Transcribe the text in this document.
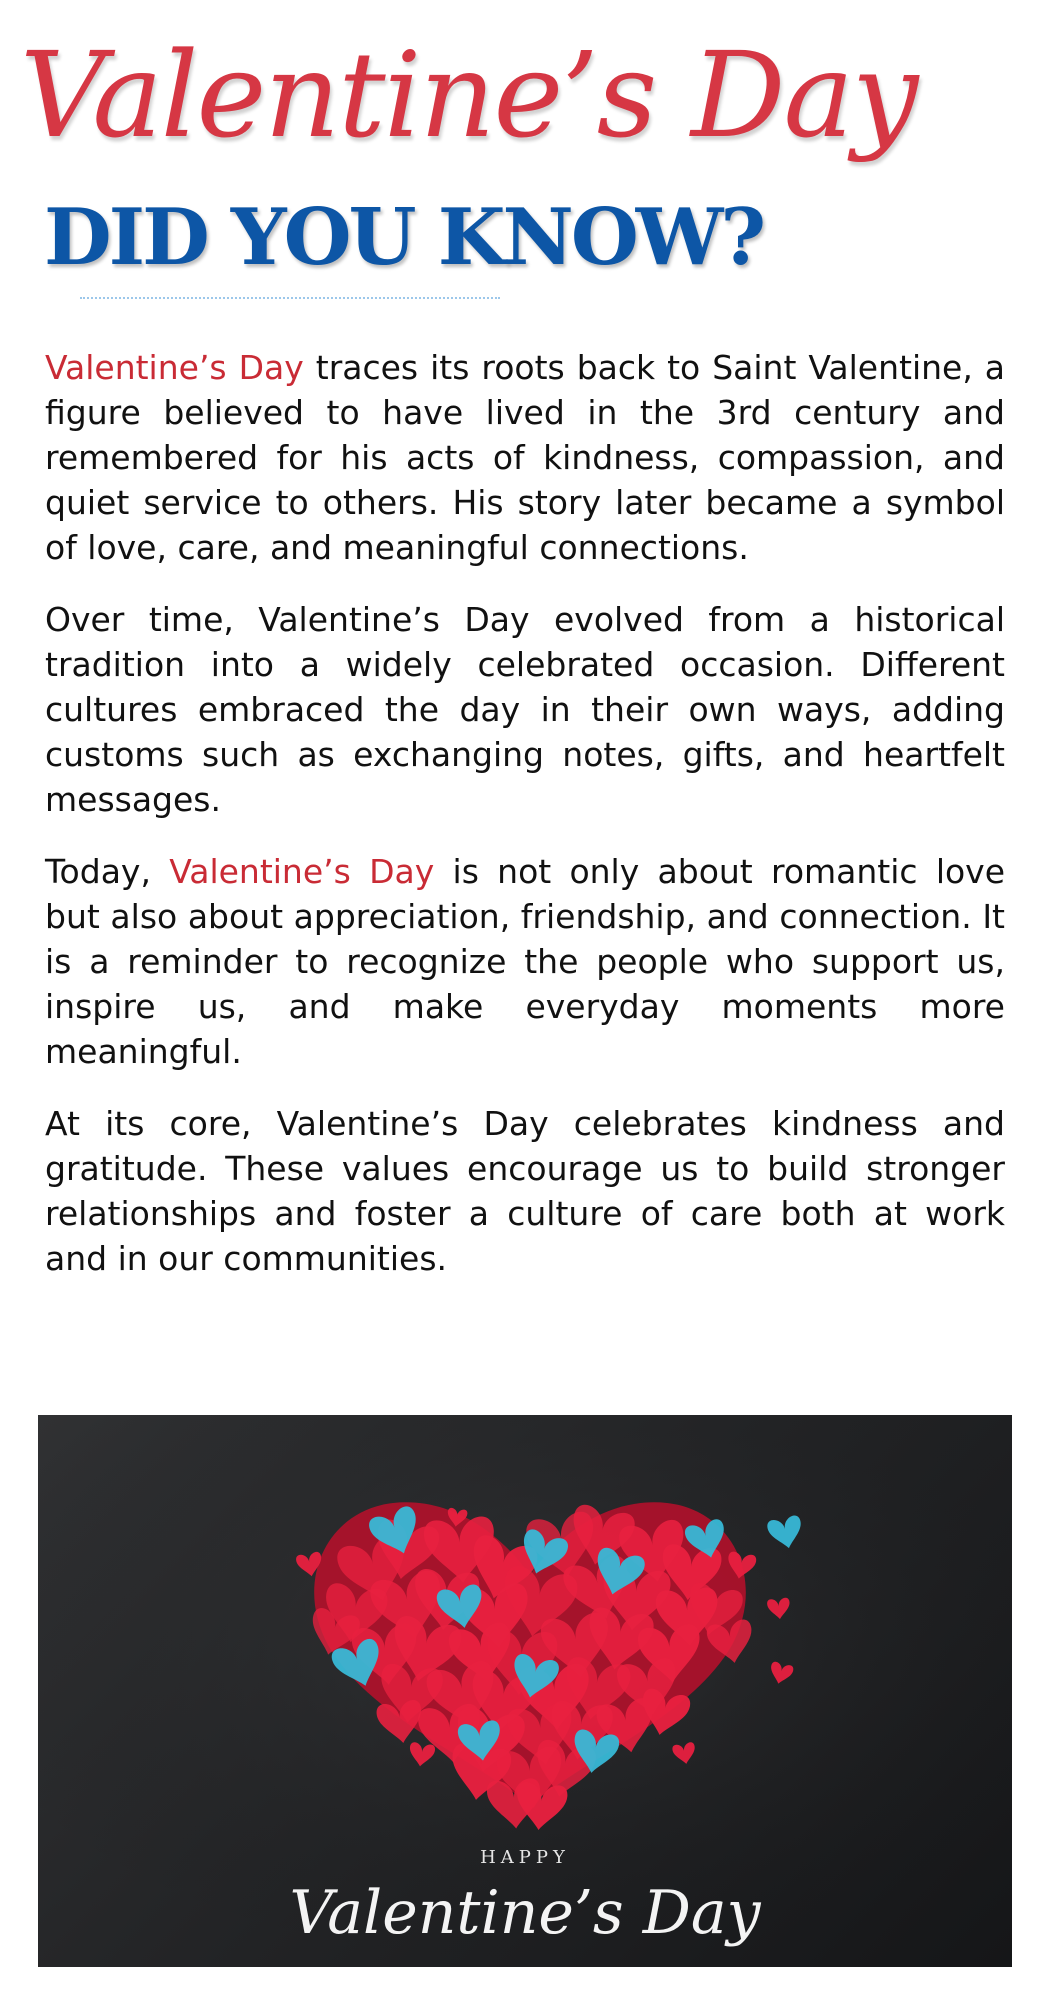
Valentine’s Day
DID YOU KNOW?

Valentine’s Day traces its roots back to Saint Valentine, a figure believed to have lived in the 3rd century and remembered for his acts of kindness, compassion, and quiet service to others. His story later became a symbol of love, care, and meaningful connections.

Over time, Valentine’s Day evolved from a historical tradition into a widely celebrated occasion. Different cultures embraced the day in their own ways, adding customs such as exchanging notes, gifts, and heartfelt messages.

Today, Valentine’s Day is not only about romantic love but also about appreciation, friendship, and connection. It is a reminder to recognize the people who support us, inspire us, and make everyday moments more meaningful.

At its core, Valentine’s Day celebrates kindness and gratitude. These values encourage us to build stronger relationships and foster a culture of care both at work and in our communities.

HAPPY
Valentine’s Day
